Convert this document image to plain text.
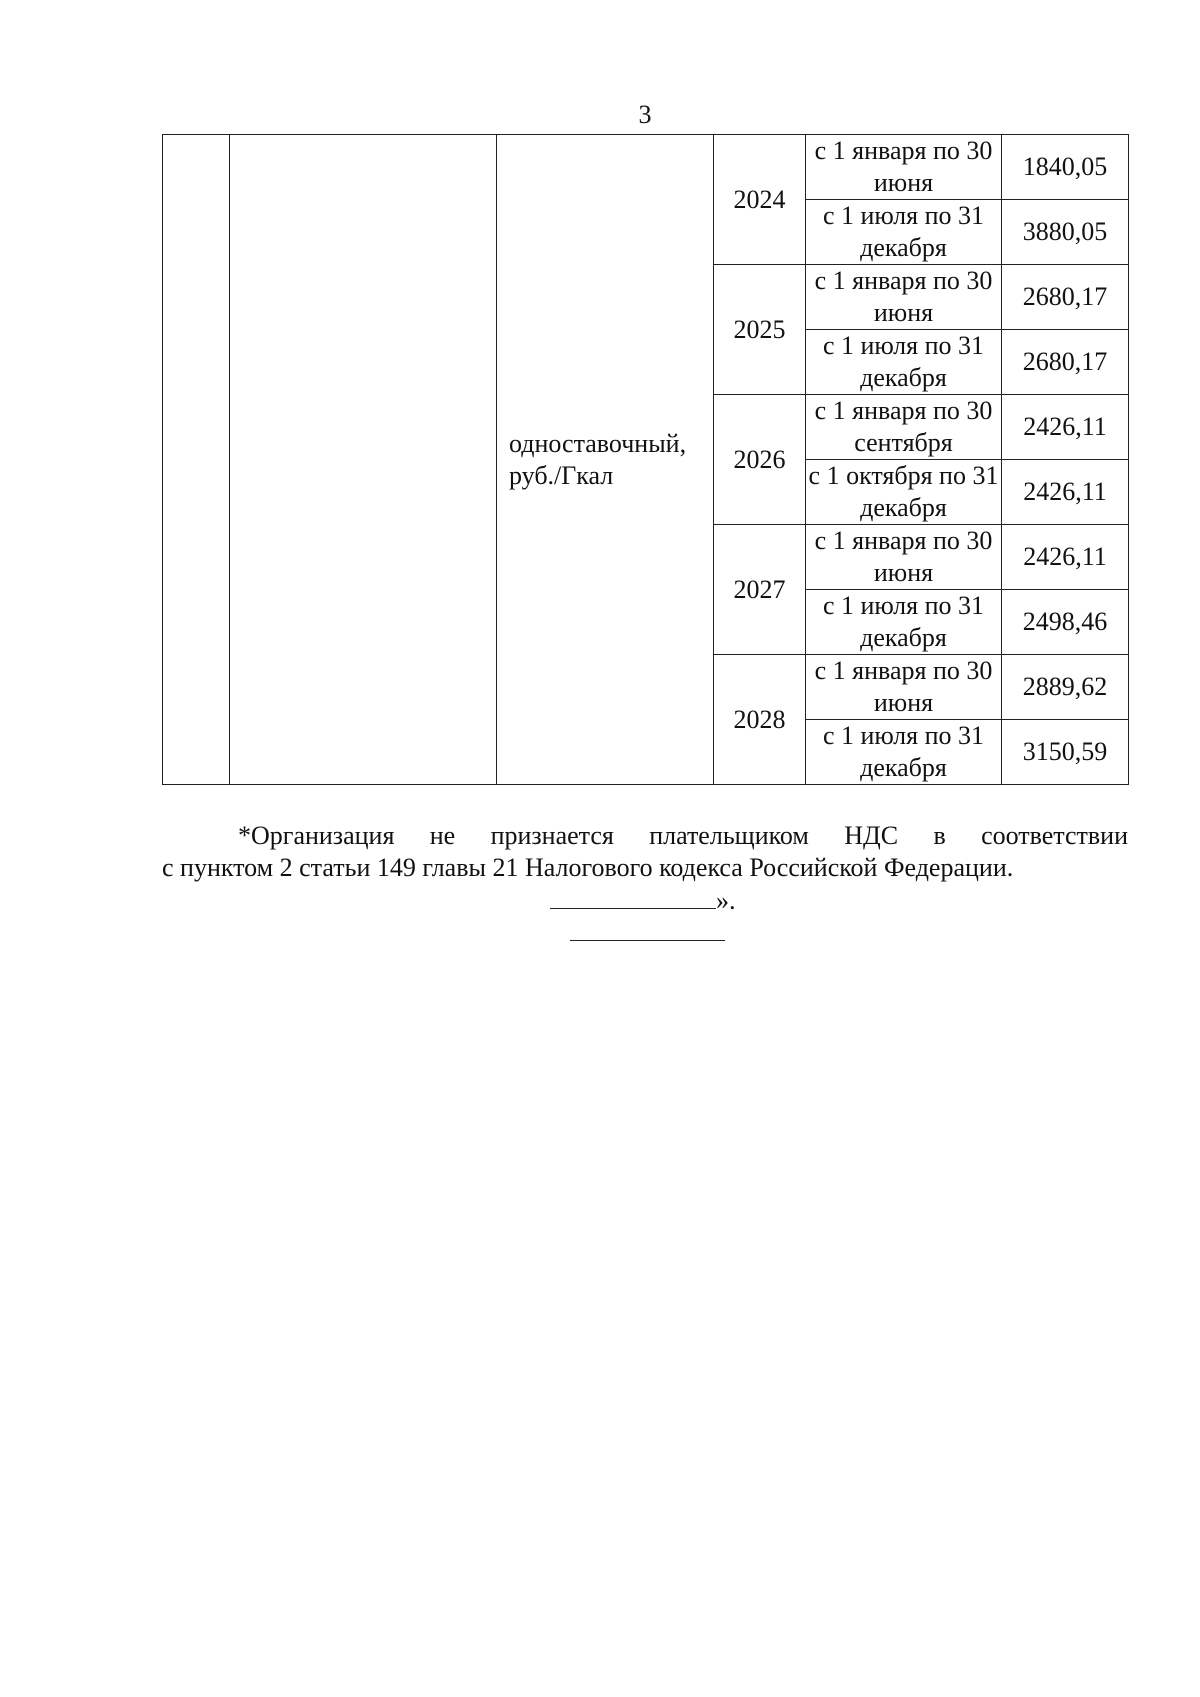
3
		одноставочный, руб./Гкал	2024	с 1 января по 30 июня	1840,05
				с 1 июля по 31 декабря	3880,05
			2025	с 1 января по 30 июня	2680,17
				с 1 июля по 31 декабря	2680,17
			2026	с 1 января по 30 сентября	2426,11
				с 1 октября по 31 декабря	2426,11
			2027	с 1 января по 30 июня	2426,11
				с 1 июля по 31 декабря	2498,46
			2028	с 1 января по 30 июня	2889,62
				с 1 июля по 31 декабря	3150,59
*Организация не признается плательщиком НДС в соответствии
с пунктом 2 статьи 149 главы 21 Налогового кодекса Российской Федерации.
».
